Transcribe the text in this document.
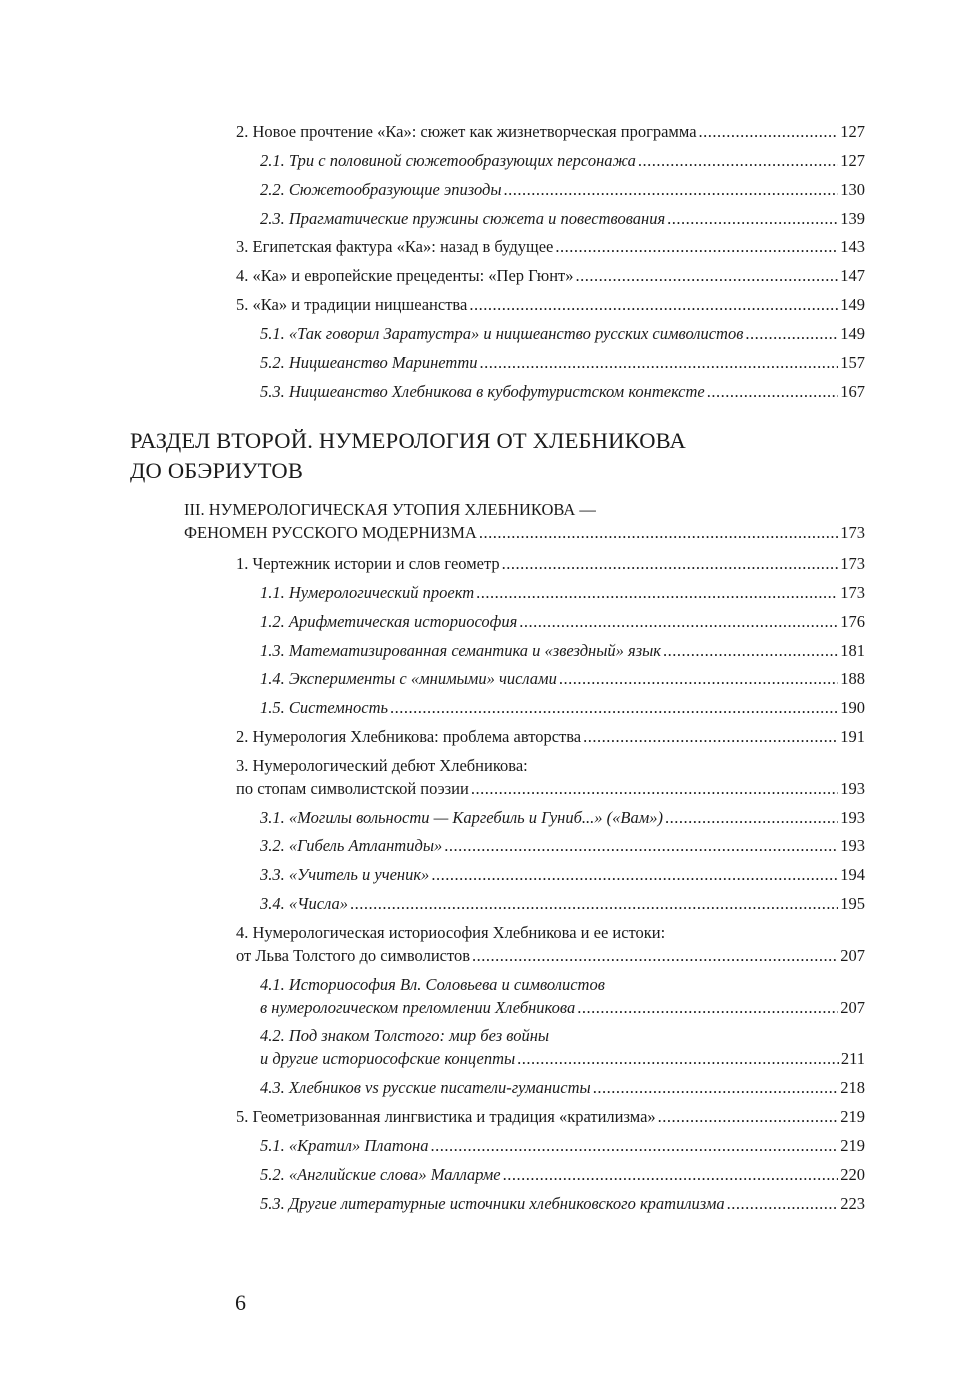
2. Новое прочтение «Ка»: сюжет как жизнетворческая программа .....	127
2.1. Три с половиной сюжетообразующих персонажа .....	127
2.2. Сюжетообразующие эпизоды .....	130
2.3. Прагматические пружины сюжета и повествования .....	139
3. Египетская фактура «Ка»: назад в будущее .....	143
4. «Ка» и европейские прецеденты: «Пер Гюнт» .....	147
5. «Ка» и традиции ницшеанства .....	149
5.1. «Так говорил Заратустра» и ницшеанство русских символистов .....	149
5.2. Ницшеанство Маринетти .....	157
5.3. Ницшеанство Хлебникова в кубофутуристском контексте .....	167
РАЗДЕЛ ВТОРОЙ. НУМЕРОЛОГИЯ ОТ ХЛЕБНИКОВА
ДО ОБЭРИУТОВ
III. НУМЕРОЛОГИЧЕСКАЯ УТОПИЯ ХЛЕБНИКОВА —
ФЕНОМЕН РУССКОГО МОДЕРНИЗМА .....	173
1. Чертежник истории и слов геометр .....	173
1.1. Нумерологический проект .....	173
1.2. Арифметическая историософия .....	176
1.3. Математизированная семантика и «звездный» язык .....	181
1.4. Эксперименты с «мнимыми» числами .....	188
1.5. Системность .....	190
2. Нумерология Хлебникова: проблема авторства .....	191
3. Нумерологический дебют Хлебникова:
по стопам символистской поэзии .....	193
3.1. «Могилы вольности — Каргебиль и Гуниб...» («Вам») .....	193
3.2. «Гибель Атлантиды» .....	193
3.3. «Учитель и ученик» .....	194
3.4. «Числа» .....	195
4. Нумерологическая историософия Хлебникова и ее истоки:
от Льва Толстого до символистов .....	207
4.1. Историософия Вл. Соловьева и символистов
в нумерологическом преломлении Хлебникова .....	207
4.2. Под знаком Толстого: мир без войны
и другие историософские концепты .....	211
4.3. Хлебников vs русские писатели-гуманисты .....	218
5. Геометризованная лингвистика и традиция «кратилизма» .....	219
5.1. «Кратил» Платона .....	219
5.2. «Английские слова» Малларме .....	220
5.3. Другие литературные источники хлебниковского кратилизма .....	223
6
